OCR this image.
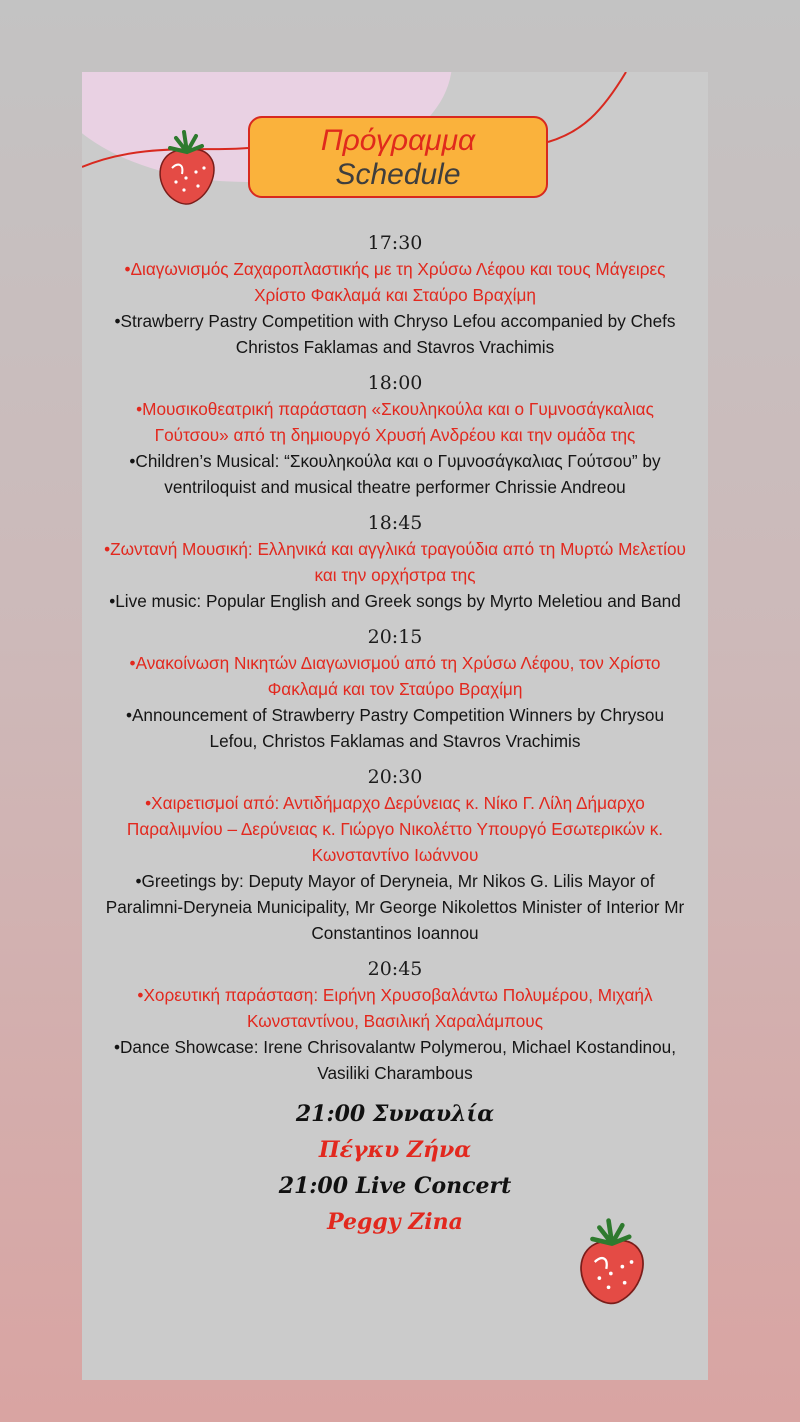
Πρόγραμμα
Schedule
17:30
•Διαγωνισμός Ζαχαροπλαστικής με τη Χρύσω Λέφου και τους Μάγειρες Χρίστο Φακλαμά και Σταύρο Βραχίμη
•Strawberry Pastry Competition with Chryso Lefou accompanied by Chefs Christos Faklamas and Stavros Vrachimis
18:00
•Μουσικοθεατρική παράσταση «Σκουληκούλα και ο Γυμνοσάγκαλιας Γούτσου» από τη δημιουργό Χρυσή Ανδρέου και την ομάδα της
•Children’s Musical: “Σκουληκούλα και ο Γυμνοσάγκαλιας Γούτσου” by ventriloquist and musical theatre performer Chrissie Andreou
18:45
•Ζωντανή Μουσική: Ελληνικά και αγγλικά τραγούδια από τη Μυρτώ Μελετίου και την ορχήστρα της
•Live music: Popular English and Greek songs by Myrto Meletiou and Band
20:15
•Ανακοίνωση Νικητών Διαγωνισμού από τη Χρύσω Λέφου, τον Χρίστο Φακλαμά και τον Σταύρο Βραχίμη
•Announcement of Strawberry Pastry Competition Winners by Chrysou Lefou, Christos Faklamas and Stavros Vrachimis
20:30
•Χαιρετισμοί από: Αντιδήμαρχο Δερύνειας κ. Νίκο Γ. Λίλη Δήμαρχο Παραλιμνίου – Δερύνειας κ. Γιώργο Νικολέττο Υπουργό Εσωτερικών κ. Κωνσταντίνο Ιωάννου
•Greetings by: Deputy Mayor of Deryneia, Mr Nikos G. Lilis Mayor of Paralimni-Deryneia Municipality, Mr George Nikolettos Minister of Interior Mr Constantinos Ioannou
20:45
•Χορευτική παράσταση: Ειρήνη Χρυσοβαλάντω Πολυμέρου, Μιχαήλ Κωνσταντίνου, Βασιλική Χαραλάμπους
•Dance Showcase: Irene Chrisovalantw Polymerou, Michael Kostandinou, Vasiliki Charambous
21:00 Συναυλία
Πέγκυ Ζήνα
21:00 Live Concert
Peggy Zina
